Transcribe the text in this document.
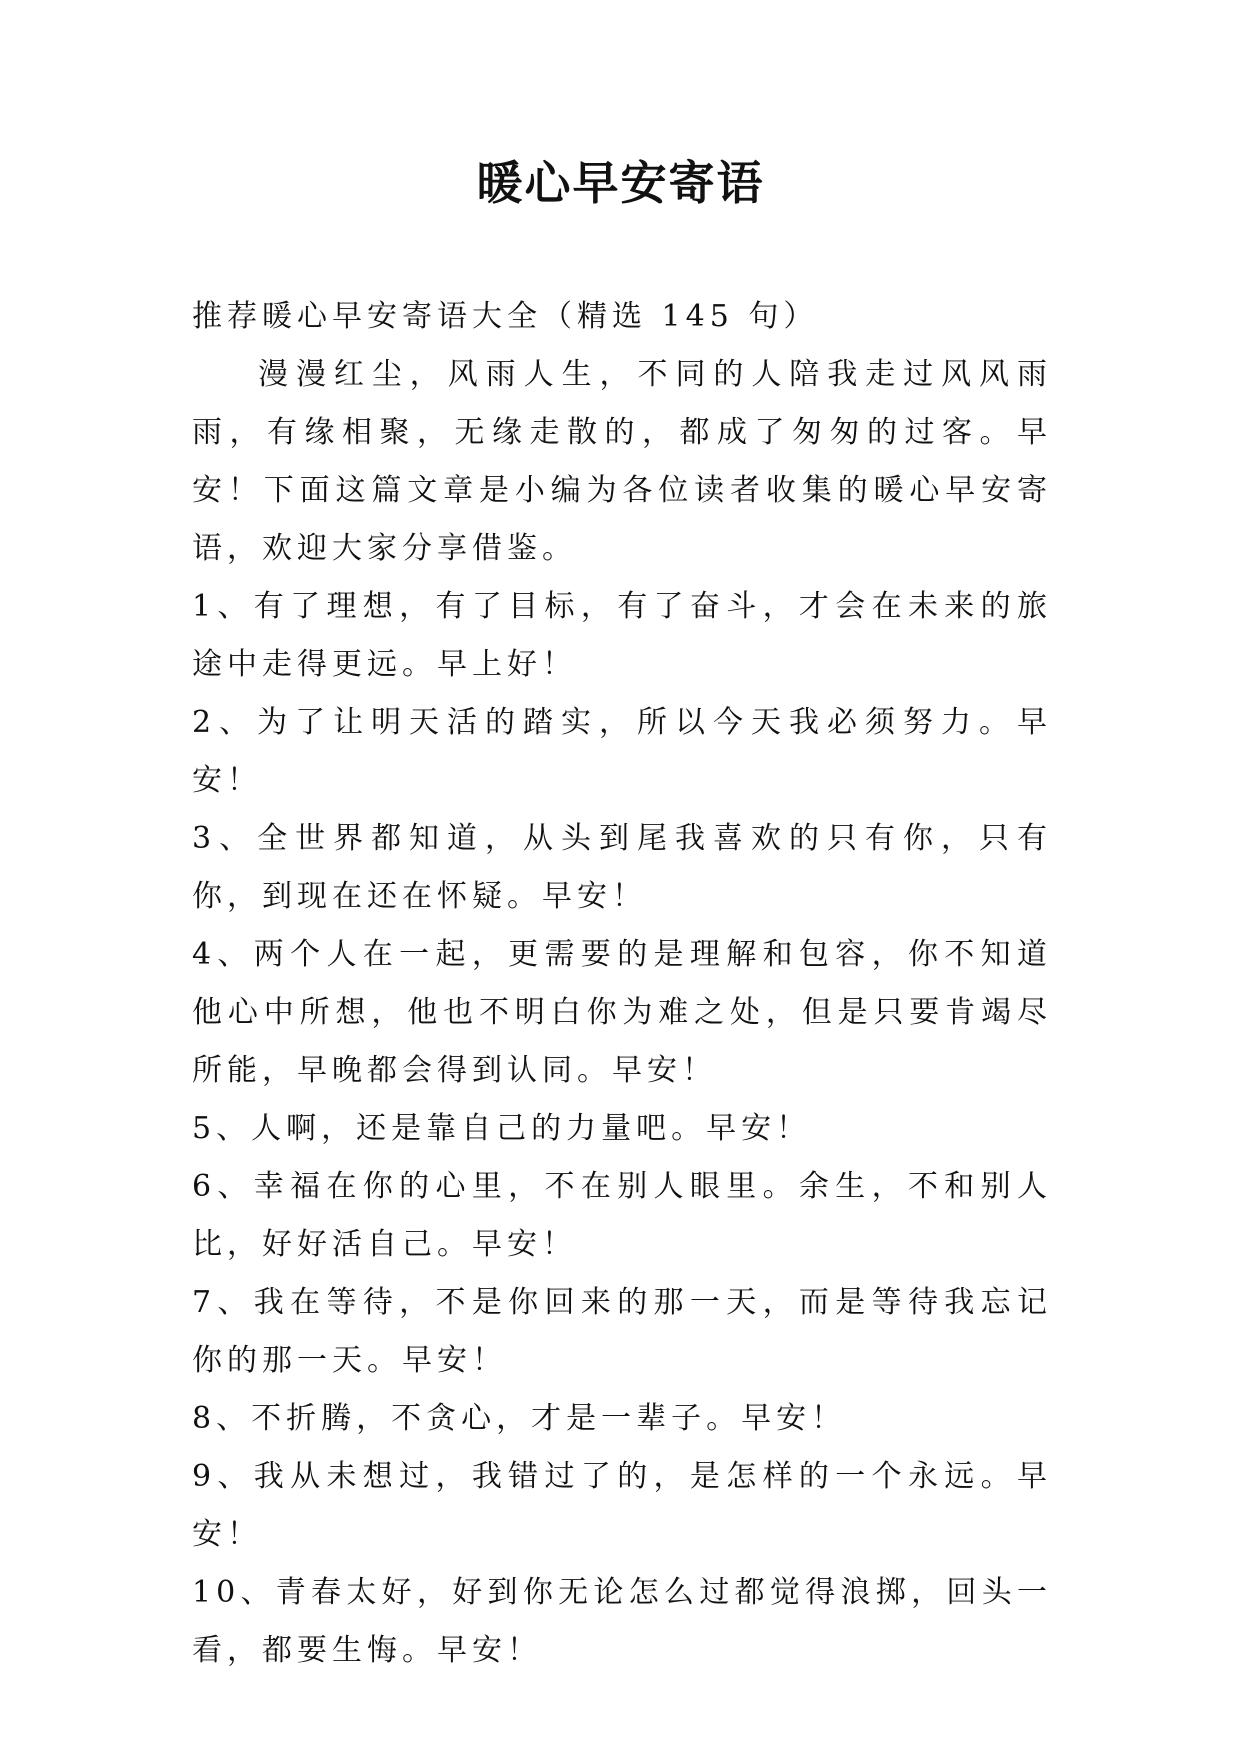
暖心早安寄语

推荐暖心早安寄语大全（精选 145 句）

漫漫红尘，风雨人生，不同的人陪我走过风风雨雨，有缘相聚，无缘走散的，都成了匆匆的过客。早安！下面这篇文章是小编为各位读者收集的暖心早安寄语，欢迎大家分享借鉴。

1、有了理想，有了目标，有了奋斗，才会在未来的旅途中走得更远。早上好！

2、为了让明天活的踏实，所以今天我必须努力。早安！

3、全世界都知道，从头到尾我喜欢的只有你，只有你，到现在还在怀疑。早安！

4、两个人在一起，更需要的是理解和包容，你不知道他心中所想，他也不明白你为难之处，但是只要肯竭尽所能，早晚都会得到认同。早安！

5、人啊，还是靠自己的力量吧。早安！

6、幸福在你的心里，不在别人眼里。余生，不和别人比，好好活自己。早安！

7、我在等待，不是你回来的那一天，而是等待我忘记你的那一天。早安！

8、不折腾，不贪心，才是一辈子。早安！

9、我从未想过，我错过了的，是怎样的一个永远。早安！

10、青春太好，好到你无论怎么过都觉得浪掷，回头一看，都要生悔。早安！
